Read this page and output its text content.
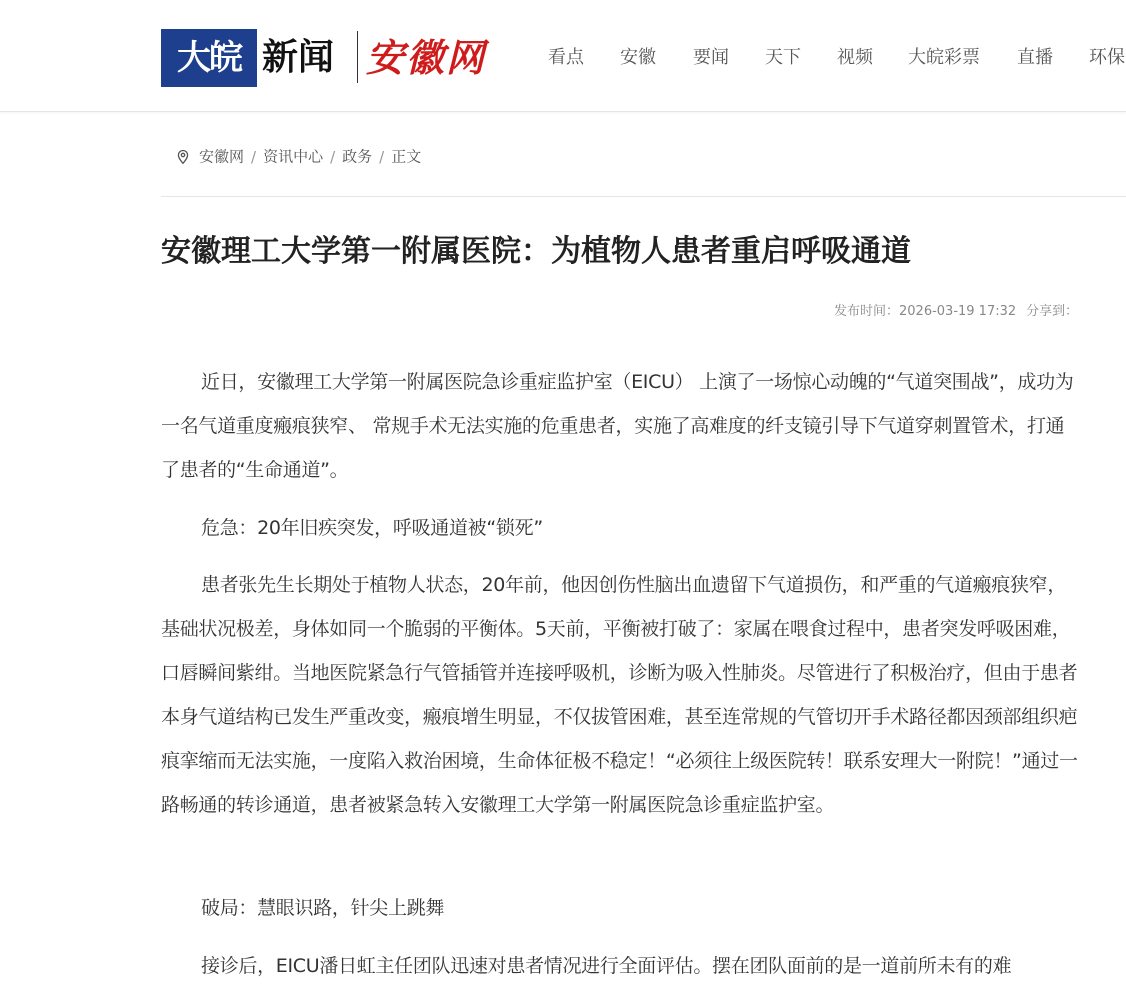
大皖 新闻 安徽网	看点 安徽 要闻 天下 视频 大皖彩票 直播 环保
安徽网 / 资讯中心 / 政务 / 正文
安徽理工大学第一附属医院：为植物人患者重启呼吸通道
发布时间：2026-03-19 17:32 分享到：

近日，安徽理工大学第一附属医院急诊重症监护室（EICU） 上演了一场惊心动魄的“气道突围战”，成功为一名气道重度瘢痕狭窄、 常规手术无法实施的危重患者，实施了高难度的纤支镜引导下气道穿刺置管术，打通了患者的“生命通道”。

危急：20年旧疾突发，呼吸通道被“锁死”

患者张先生长期处于植物人状态，20年前，他因创伤性脑出血遗留下气道损伤，和严重的气道瘢痕狭窄，基础状况极差，身体如同一个脆弱的平衡体。5天前，平衡被打破了：家属在喂食过程中，患者突发呼吸困难，口唇瞬间紫绀。当地医院紧急行气管插管并连接呼吸机，诊断为吸入性肺炎。尽管进行了积极治疗，但由于患者本身气道结构已发生严重改变，瘢痕增生明显，不仅拔管困难，甚至连常规的气管切开手术路径都因颈部组织疤痕挛缩而无法实施，一度陷入救治困境，生命体征极不稳定！“必须往上级医院转！联系安理大一附院！”通过一路畅通的转诊通道，患者被紧急转入安徽理工大学第一附属医院急诊重症监护室。

破局：慧眼识路，针尖上跳舞

接诊后，EICU潘日虹主任团队迅速对患者情况进行全面评估。摆在团队面前的是一道前所未有的难
